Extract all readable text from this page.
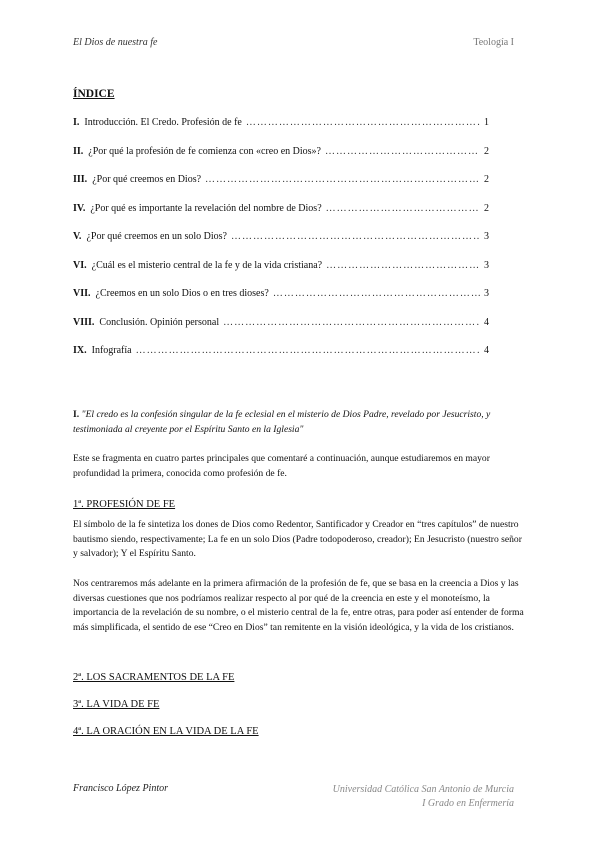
El Dios de nuestra fe	Teología I
ÍNDICE
I. Introducción. El Credo. Profesión de fe …………………………………………………………………………………………………………	1
II. ¿Por qué la profesión de fe comienza con «creo en Dios»? …………………………………………………………………………………………………………	2
III. ¿Por qué creemos en Dios? …………………………………………………………………………………………………………	2
IV. ¿Por qué es importante la revelación del nombre de Dios? …………………………………………………………………………………………………………	2
V. ¿Por qué creemos en un solo Dios? …………………………………………………………………………………………………………	3
VI. ¿Cuál es el misterio central de la fe y de la vida cristiana? …………………………………………………………………………………………………………	3
VII. ¿Creemos en un solo Dios o en tres dioses? …………………………………………………………………………………………………………	3
VIII. Conclusión. Opinión personal …………………………………………………………………………………………………………	4
IX. Infografía …………………………………………………………………………………………………………	4
I. "El credo es la confesión singular de la fe eclesial en el misterio de Dios Padre, revelado por Jesucristo, y testimoniada al creyente por el Espíritu Santo en la Iglesia"
Este se fragmenta en cuatro partes principales que comentaré a continuación, aunque estudiaremos en mayor profundidad la primera, conocida como profesión de fe.
1ª. PROFESIÓN DE FE
El símbolo de la fe sintetiza los dones de Dios como Redentor, Santificador y Creador en “tres capítulos” de nuestro bautismo siendo, respectivamente; La fe en un solo Dios (Padre todopoderoso, creador); En Jesucristo (nuestro señor y salvador); Y el Espíritu Santo.
Nos centraremos más adelante en la primera afirmación de la profesión de fe, que se basa en la creencia a Dios y las diversas cuestiones que nos podríamos realizar respecto al por qué de la creencia en este y el monoteísmo, la importancia de la revelación de su nombre, o el misterio central de la fe, entre otras, para poder así entender de forma más simplificada, el sentido de ese “Creo en Dios” tan remitente en la visión ideológica, y la vida de los cristianos.
2ª. LOS SACRAMENTOS DE LA FE
3ª. LA VIDA DE FE
4ª. LA ORACIÓN EN LA VIDA DE LA FE
Francisco López Pintor	Universidad Católica San Antonio de Murcia
I Grado en Enfermería
